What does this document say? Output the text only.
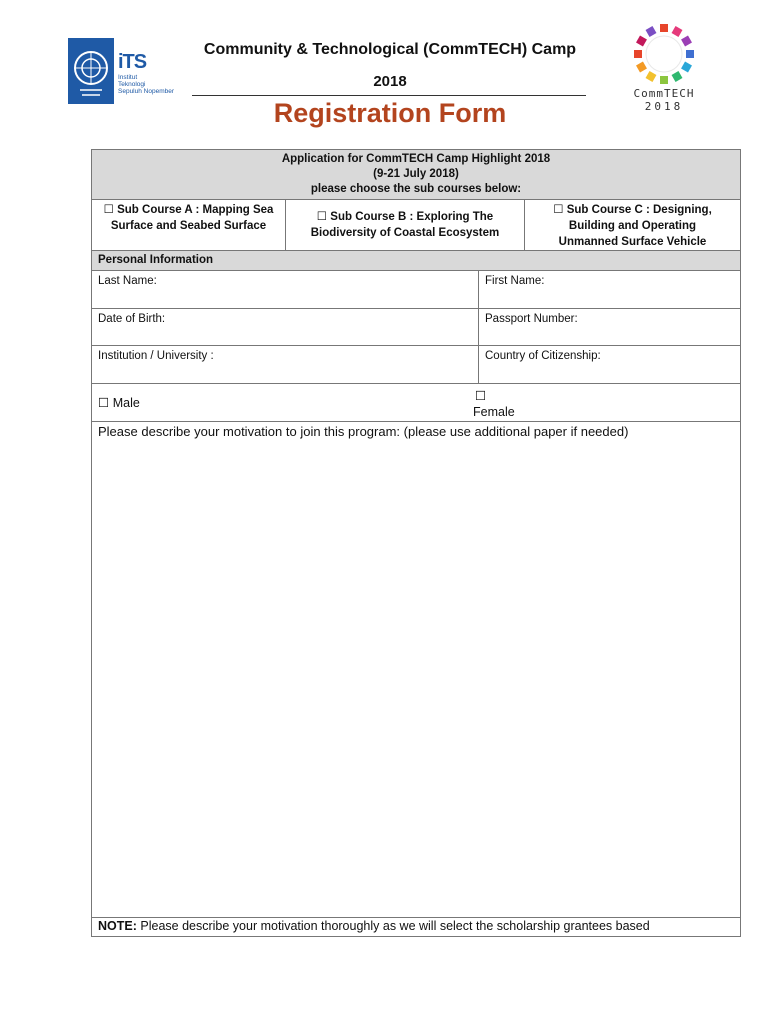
iTS
Institut
Teknologi
Sepuluh Nopember
Community & Technological (CommTECH) Camp
2018
Registration Form
CommTECH
2018
Application for CommTECH Camp Highlight 2018
(9-21 July 2018)
please choose the sub courses below:
☐ Sub Course A : Mapping Sea Surface and Seabed Surface
☐ Sub Course B : Exploring The Biodiversity of Coastal Ecosystem
☐ Sub Course C : Designing, Building and Operating Unmanned Surface Vehicle
Personal Information
Last Name:	First Name:
Date of Birth:	Passport Number:
Institution / University :	Country of Citizenship:
☐ Male	☐
Female
Please describe your motivation to join this program: (please use additional paper if needed)
NOTE: Please describe your motivation thoroughly as we will select the scholarship grantees based
